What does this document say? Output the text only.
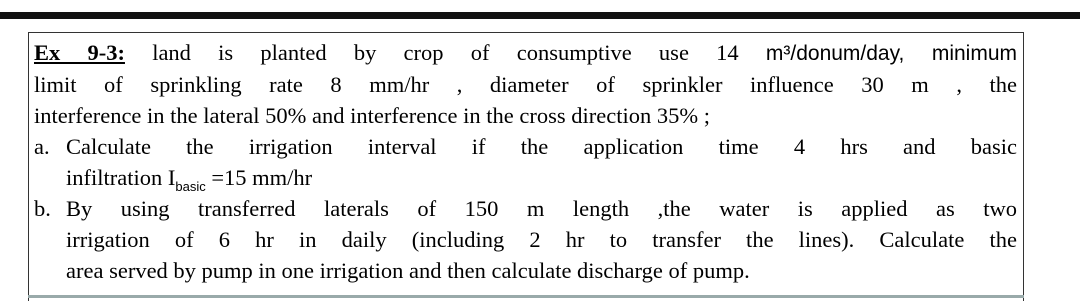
Ex 9-3: land is planted by crop of consumptive use 14 m³/donum/day, minimum
limit of sprinkling rate 8 mm/hr , diameter of sprinkler influence 30 m , the
interference in the lateral 50% and interference in the cross direction 35% ;
a. Calculate the irrigation interval if the application time 4 hrs and basic
infiltration $I_{basic} =15$ mm/hr
b. By using transferred laterals of 150 m length ,the water is applied as two
irrigation of 6 hr in daily (including 2 hr to transfer the lines). Calculate the
area served by pump in one irrigation and then calculate discharge of pump.
